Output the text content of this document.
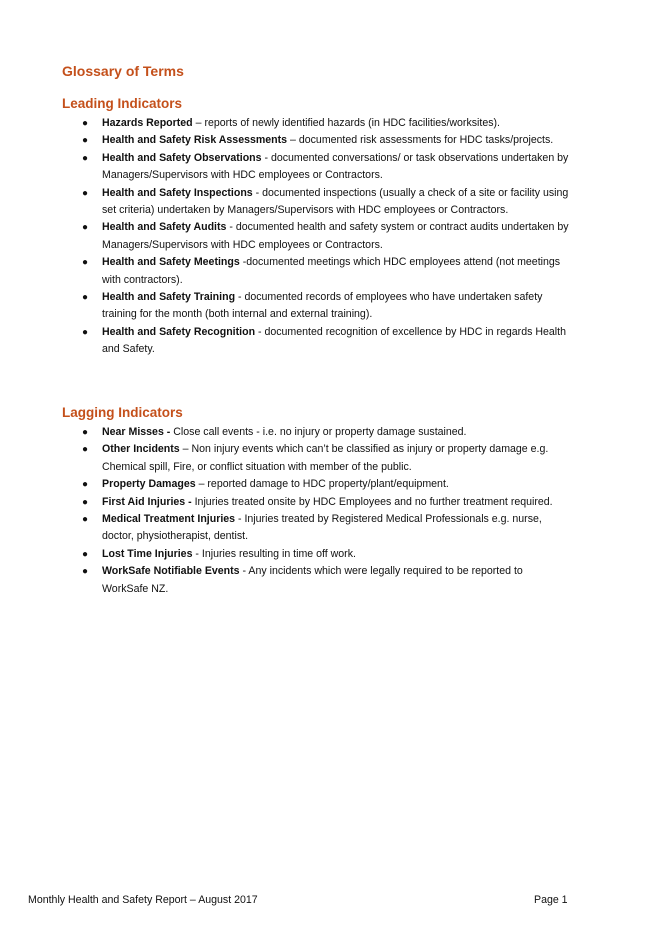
Glossary of Terms
Leading Indicators
● Hazards Reported – reports of newly identified hazards (in HDC facilities/worksites).
● Health and Safety Risk Assessments – documented risk assessments for HDC tasks/projects.
● Health and Safety Observations - documented conversations/ or task observations undertaken by Managers/Supervisors with HDC employees or Contractors.
● Health and Safety Inspections - documented inspections (usually a check of a site or facility using set criteria) undertaken by Managers/Supervisors with HDC employees or Contractors.
● Health and Safety Audits - documented health and safety system or contract audits undertaken by Managers/Supervisors with HDC employees or Contractors.
● Health and Safety Meetings -documented meetings which HDC employees attend (not meetings with contractors).
● Health and Safety Training - documented records of employees who have undertaken safety training for the month (both internal and external training).
● Health and Safety Recognition - documented recognition of excellence by HDC in regards Health and Safety.
Lagging Indicators
● Near Misses - Close call events - i.e. no injury or property damage sustained.
● Other Incidents – Non injury events which can’t be classified as injury or property damage e.g. Chemical spill, Fire, or conflict situation with member of the public.
● Property Damages – reported damage to HDC property/plant/equipment.
● First Aid Injuries - Injuries treated onsite by HDC Employees and no further treatment required.
● Medical Treatment Injuries - Injuries treated by Registered Medical Professionals e.g. nurse, doctor, physiotherapist, dentist.
● Lost Time Injuries - Injuries resulting in time off work.
● WorkSafe Notifiable Events - Any incidents which were legally required to be reported to WorkSafe NZ.

Monthly Health and Safety Report – August 2017	Page 1
